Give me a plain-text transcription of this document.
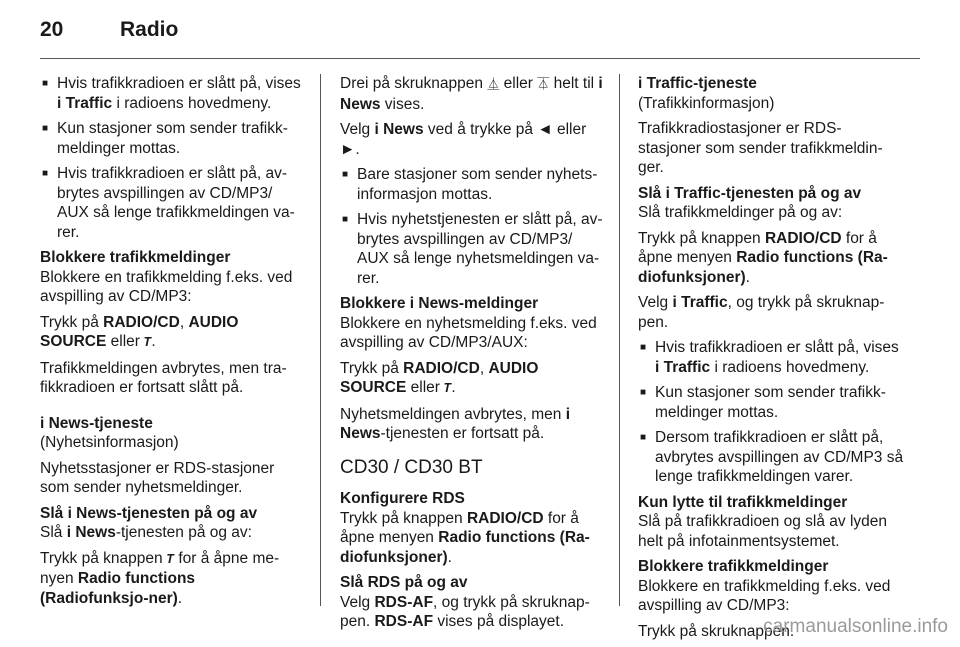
20	Radio
■ Hvis trafikkradioen er slått på, vises i Traffic i radioens hovedmeny.
■ Kun stasjoner som sender trafikk-meldinger mottas.
■ Hvis trafikkradioen er slått på, av-brytes avspillingen av CD/MP3/ AUX så lenge trafikkmeldingen va-rer.

Blokkere trafikkmeldinger

Blokkere en trafikkmelding f.eks. ved avspilling av CD/MP3:

Trykk på RADIO/CD, AUDIO SOURCE eller 𝑻.

Trafikkmeldingen avbrytes, men tra-fikkradioen er fortsatt slått på.

i News-tjeneste

(Nyhetsinformasjon)

Nyhetsstasjoner er RDS-stasjoner som sender nyhetsmeldinger.

Slå i News-tjenesten på og av

Slå i News-tjenesten på og av:

Trykk på knappen 𝑻 for å åpne me-nyen Radio functions (Radiofunksjo-ner).

Drei på skruknappen ⏅ eller ⏄ helt til i News vises.

Velg i News ved å trykke på ◄ eller ►.

■ Bare stasjoner som sender nyhets-informasjon mottas.
■ Hvis nyhetstjenesten er slått på, av-brytes avspillingen av CD/MP3/ AUX så lenge nyhetsmeldingen va-rer.

Blokkere i News-meldinger

Blokkere en nyhetsmelding f.eks. ved avspilling av CD/MP3/AUX:

Trykk på RADIO/CD, AUDIO SOURCE eller 𝑻.

Nyhetsmeldingen avbrytes, men i News-tjenesten er fortsatt på.

CD30 / CD30 BT

Konfigurere RDS

Trykk på knappen RADIO/CD for å åpne menyen Radio functions (Ra-diofunksjoner).

Slå RDS på og av

Velg RDS-AF, og trykk på skruknap-pen. RDS-AF vises på displayet.

i Traffic-tjeneste

(Trafikkinformasjon)

Trafikkradiostasjoner er RDS-stasjoner som sender trafikkmeldin-ger.

Slå i Traffic-tjenesten på og av

Slå trafikkmeldinger på og av:

Trykk på knappen RADIO/CD for å åpne menyen Radio functions (Ra-diofunksjoner).

Velg i Traffic, og trykk på skruknap-pen.

■ Hvis trafikkradioen er slått på, vises i Traffic i radioens hovedmeny.
■ Kun stasjoner som sender trafikk-meldinger mottas.
■ Dersom trafikkradioen er slått på, avbrytes avspillingen av CD/MP3 så lenge trafikkmeldingen varer.

Kun lytte til trafikkmeldinger

Slå på trafikkradioen og slå av lyden helt på infotainmentsystemet.

Blokkere trafikkmeldinger

Blokkere en trafikkmelding f.eks. ved avspilling av CD/MP3:

Trykk på skruknappen.

carmanualsonline.info
